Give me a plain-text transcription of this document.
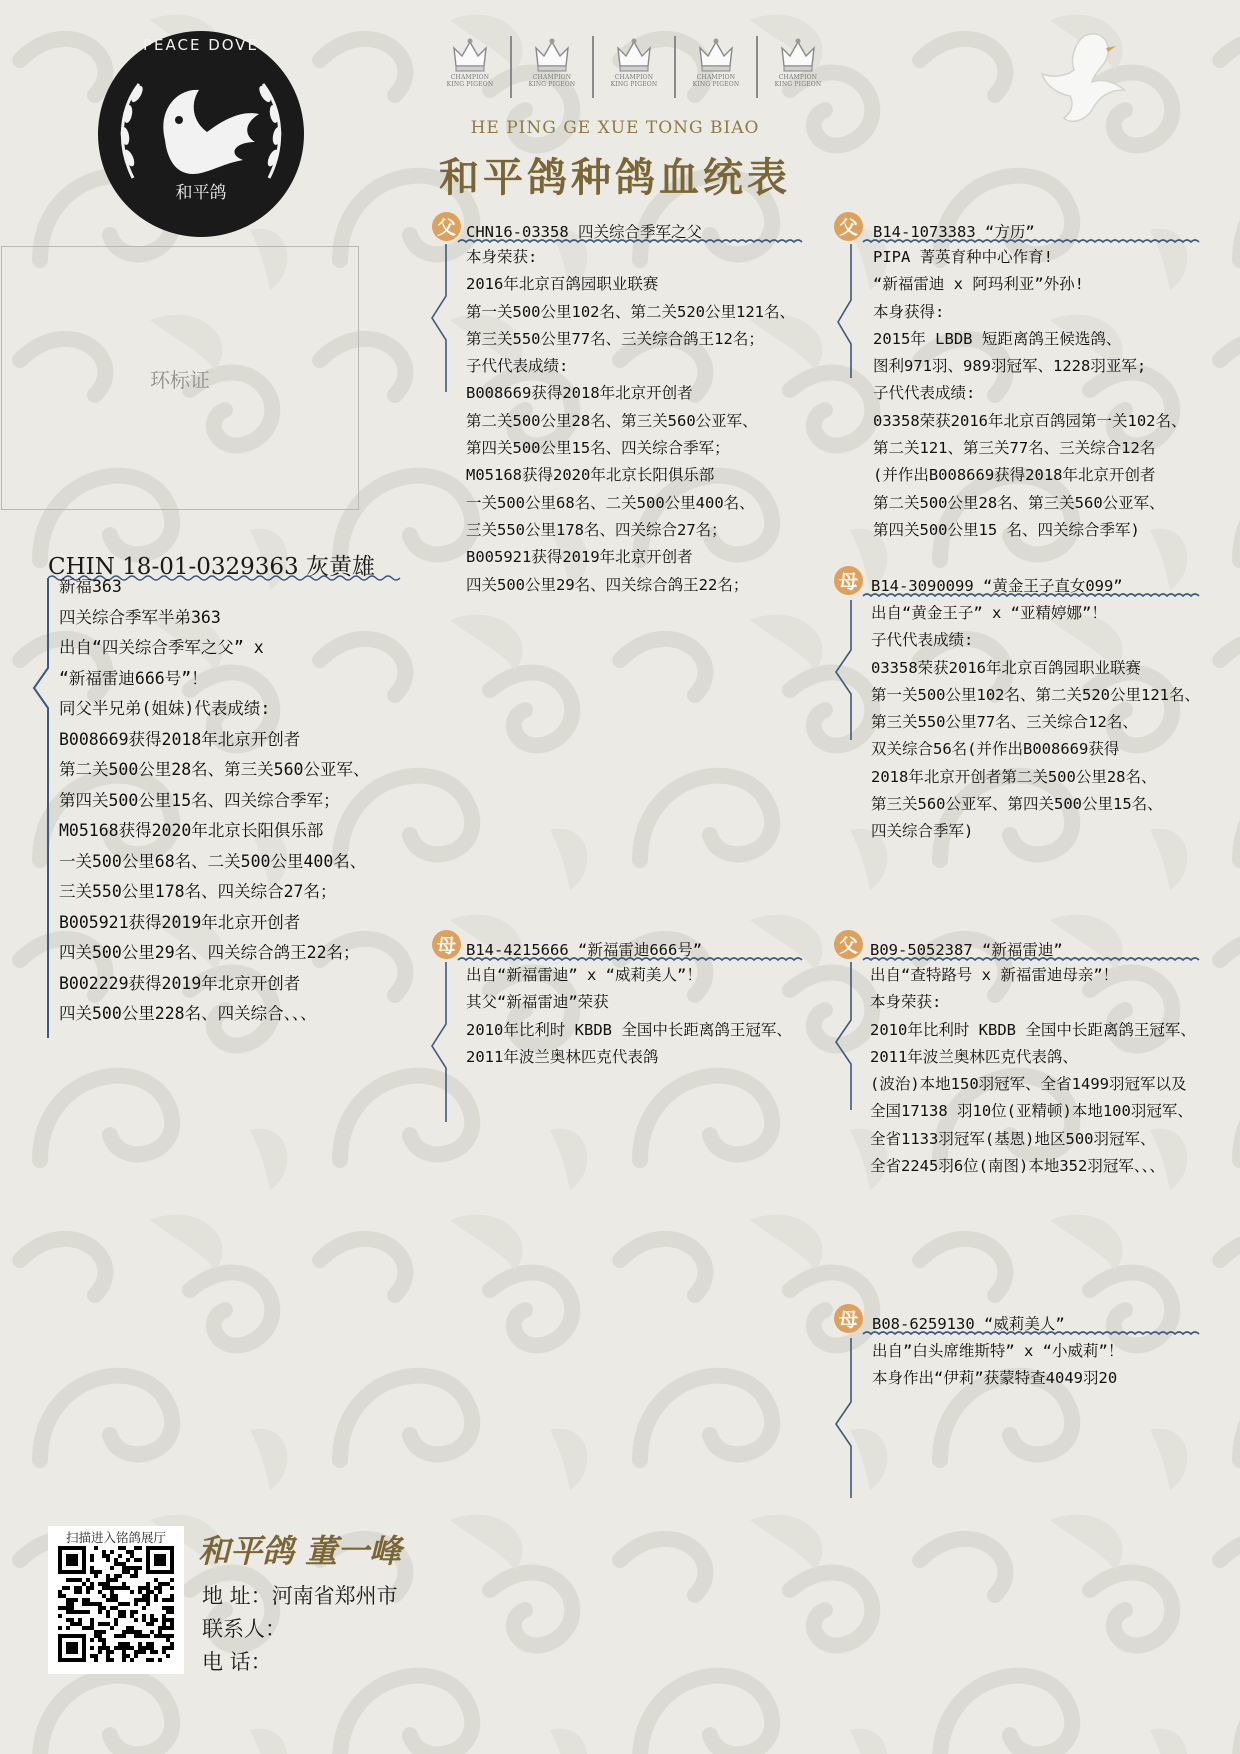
PEACE DOVE
和平鸽
CHAMPION
KING PIGEON
CHAMPION
KING PIGEON
CHAMPION
KING PIGEON
CHAMPION
KING PIGEON
CHAMPION
KING PIGEON
HE PING GE XUE TONG BIAO
和平鸽种鸽血统表
环标证
CHIN 18-01-0329363 灰黄雄
新福363
四关综合季军半弟363
出自“四关综合季军之父” x
“新福雷迪666号”！
同父半兄弟(姐妹)代表成绩:
B008669获得2018年北京开创者
第二关500公里28名、第三关560公亚军、
第四关500公里15名、四关综合季军；
M05168获得2020年北京长阳俱乐部
一关500公里68名、二关500公里400名、
三关550公里178名、四关综合27名；
B005921获得2019年北京开创者
四关500公里29名、四关综合鸽王22名；
B002229获得2019年北京开创者
四关500公里228名、四关综合、、、
父 CHN16-03358 四关综合季军之父
本身荣获:
2016年北京百鸽园职业联赛
第一关500公里102名、第二关520公里121名、
第三关550公里77名、三关综合鸽王12名；
子代代表成绩:
B008669获得2018年北京开创者
第二关500公里28名、第三关560公亚军、
第四关500公里15名、四关综合季军；
M05168获得2020年北京长阳俱乐部
一关500公里68名、二关500公里400名、
三关550公里178名、四关综合27名；
B005921获得2019年北京开创者
四关500公里29名、四关综合鸽王22名；
母 B14-4215666 “新福雷迪666号”
出自“新福雷迪” x “威莉美人”！
其父“新福雷迪”荣获
2010年比利时 KBDB 全国中长距离鸽王冠军、
2011年波兰奥林匹克代表鸽
父 B14-1073383 “方历”
PIPA 菁英育种中心作育!
“新福雷迪 x 阿玛利亚”外孙!
本身获得:
2015年 LBDB 短距离鸽王候选鸽、
图利971羽、989羽冠军、1228羽亚军;
子代代表成绩:
03358荣获2016年北京百鸽园第一关102名、
第二关121、第三关77名、三关综合12名
(并作出B008669获得2018年北京开创者
第二关500公里28名、第三关560公亚军、
第四关500公里15 名、四关综合季军)
母 B14-3090099 “黄金王子直女099”
出自“黄金王子” x “亚精婷娜”！
子代代表成绩:
03358荣获2016年北京百鸽园职业联赛
第一关500公里102名、第二关520公里121名、
第三关550公里77名、三关综合12名、
双关综合56名(并作出B008669获得
2018年北京开创者第二关500公里28名、
第三关560公亚军、第四关500公里15名、
四关综合季军)
父 B09-5052387 “新福雷迪”
出自“查特路号 x 新福雷迪母亲”！
本身荣获:
2010年比利时 KBDB 全国中长距离鸽王冠军、
2011年波兰奥林匹克代表鸽、
(波治)本地150羽冠军、全省1499羽冠军以及
全国17138 羽10位(亚精顿)本地100羽冠军、
全省1133羽冠军(基恩)地区500羽冠军、
全省2245羽6位(南图)本地352羽冠军、、、
母 B08-6259130 “威莉美人”
出自”白头席维斯特” x “小威莉”！
本身作出“伊莉”获蒙特查4049羽20
扫描进入铭鸽展厅	和平鸽 董一峰
地 址：河南省郑州市
联系人：
电 话：
